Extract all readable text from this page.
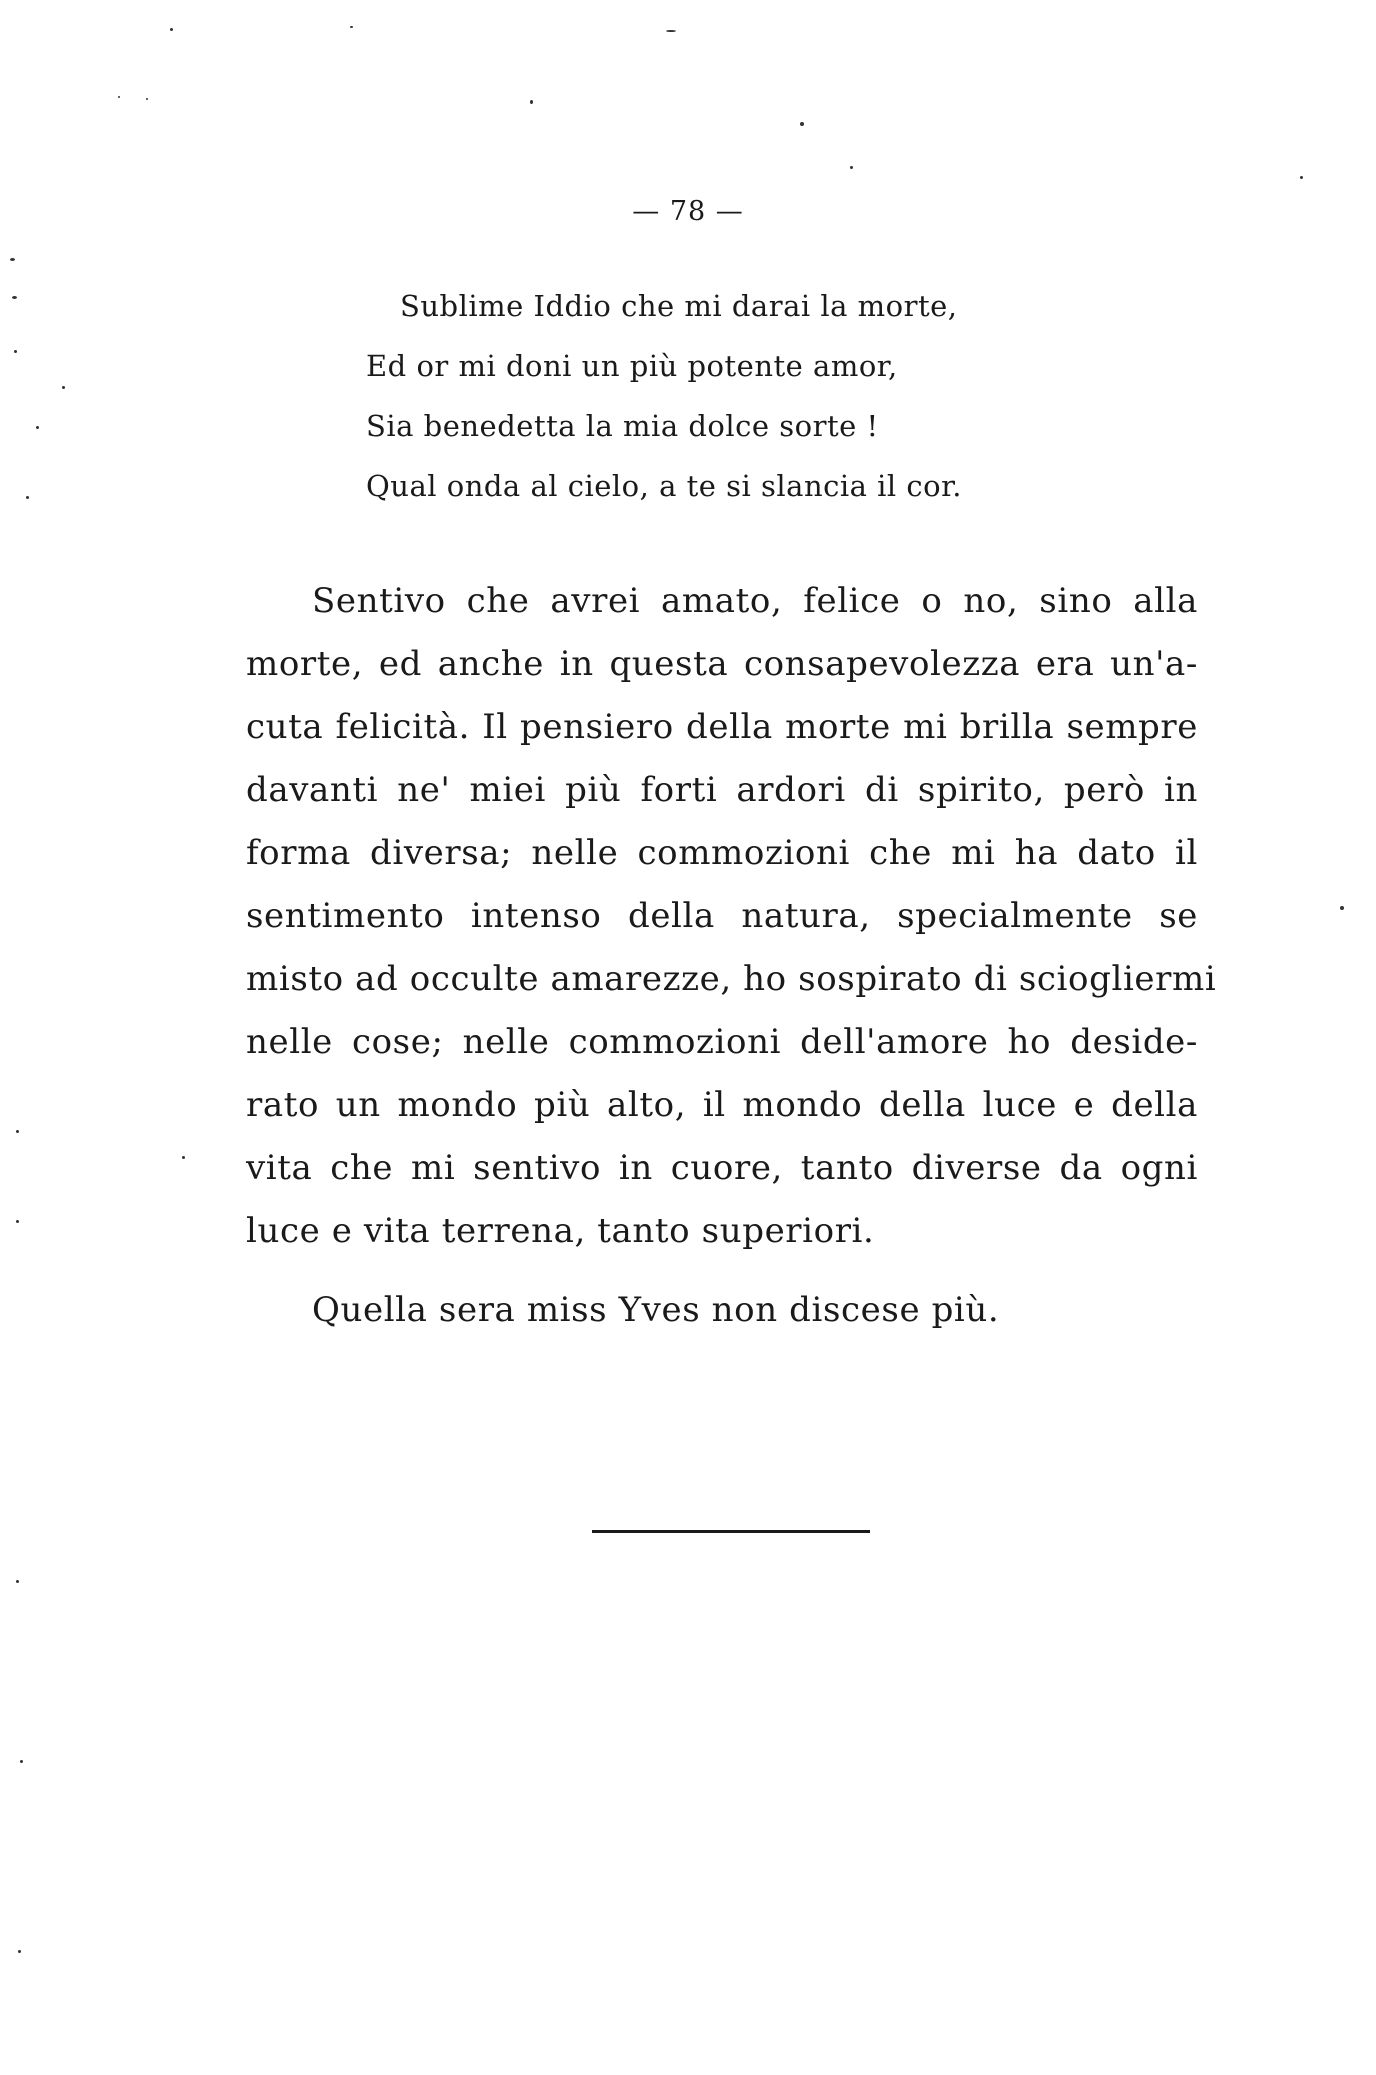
— 78 —
Sublime Iddio che mi darai la morte,
Ed or mi doni un più potente amor,
Sia benedetta la mia dolce sorte !
Qual onda al cielo, a te si slancia il cor.
Sentivo che avrei amato, felice o no, sino alla
morte, ed anche in questa consapevolezza era un'a-
cuta felicità. Il pensiero della morte mi brilla sempre
davanti ne' miei più forti ardori di spirito, però in
forma diversa; nelle commozioni che mi ha dato il
sentimento intenso della natura, specialmente se
misto ad occulte amarezze, ho sospirato di sciogliermi
nelle cose; nelle commozioni dell'amore ho deside-
rato un mondo più alto, il mondo della luce e della
vita che mi sentivo in cuore, tanto diverse da ogni
luce e vita terrena, tanto superiori.
Quella sera miss Yves non discese più.
